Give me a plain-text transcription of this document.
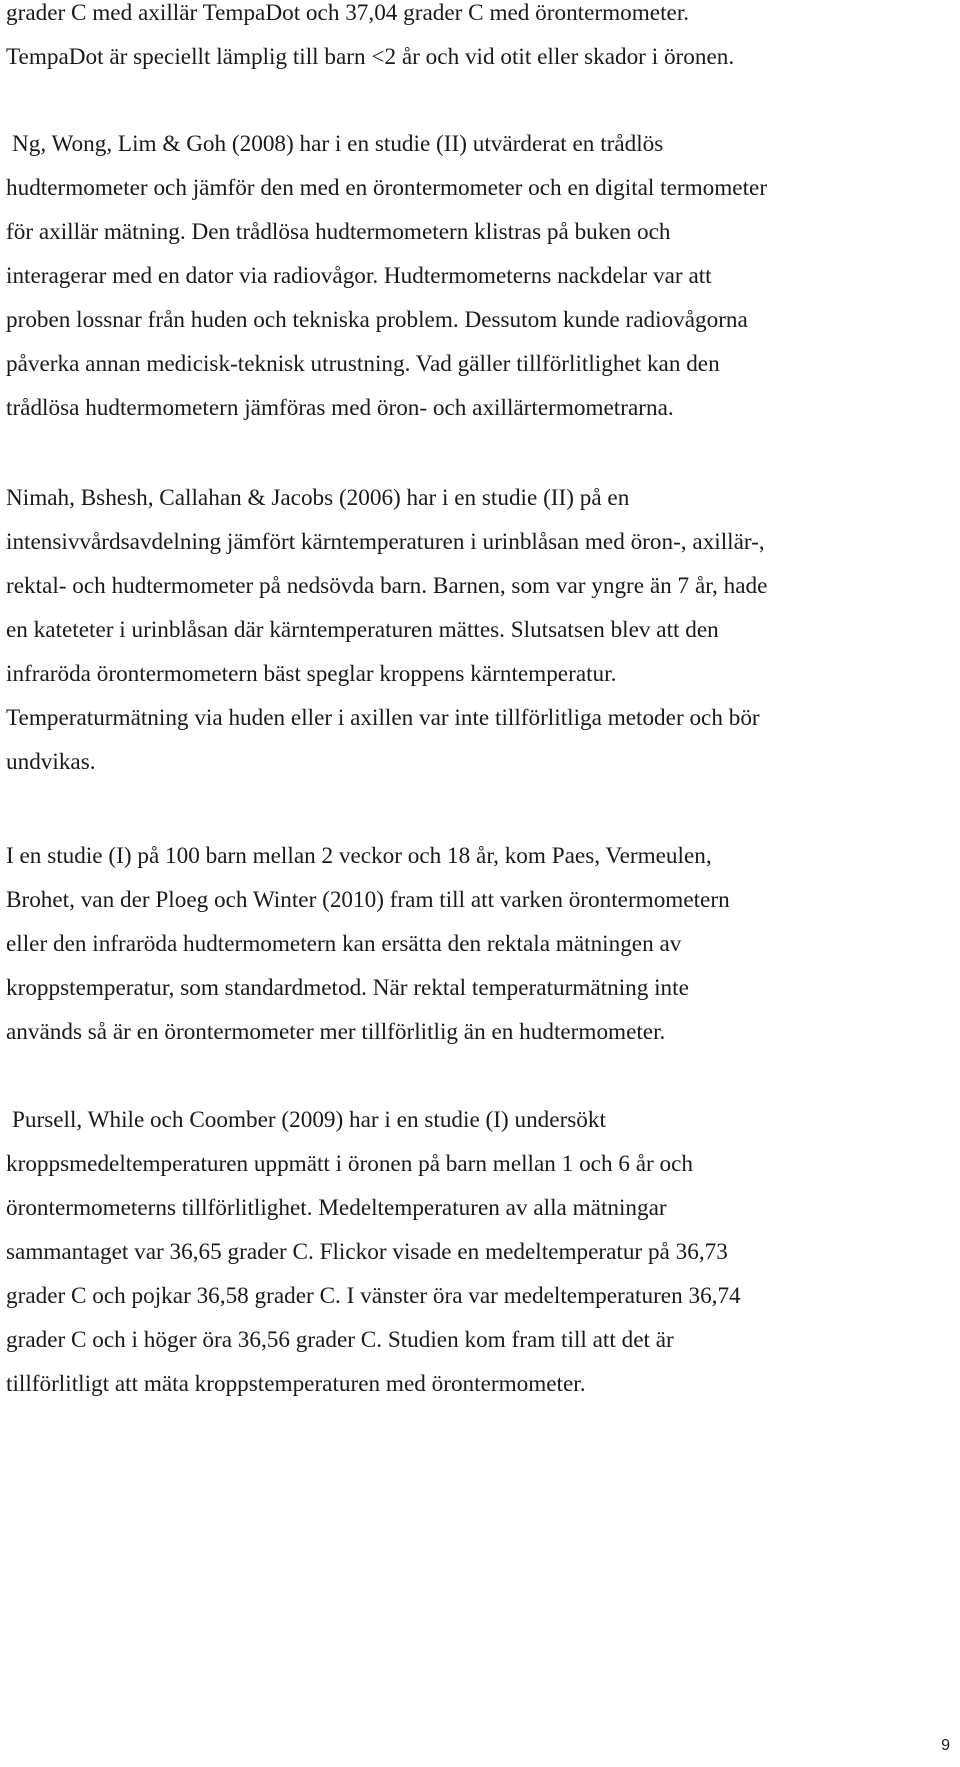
grader C med axillär TempaDot och 37,04 grader C med örontermometer.
TempaDot är speciellt lämplig till barn <2 år och vid otit eller skador i öronen.
Ng, Wong, Lim & Goh (2008) har i en studie (II) utvärderat en trådlös
hudtermometer och jämför den med en örontermometer och en digital termometer
för axillär mätning. Den trådlösa hudtermometern klistras på buken och
interagerar med en dator via radiovågor. Hudtermometerns nackdelar var att
proben lossnar från huden och tekniska problem. Dessutom kunde radiovågorna
påverka annan medicisk-teknisk utrustning. Vad gäller tillförlitlighet kan den
trådlösa hudtermometern jämföras med öron- och axillärtermometrarna.
Nimah, Bshesh, Callahan & Jacobs (2006) har i en studie (II) på en
intensivvårdsavdelning jämfört kärntemperaturen i urinblåsan med öron-, axillär-,
rektal- och hudtermometer på nedsövda barn. Barnen, som var yngre än 7 år, hade
en kateteter i urinblåsan där kärntemperaturen mättes. Slutsatsen blev att den
infraröda örontermometern bäst speglar kroppens kärntemperatur.
Temperaturmätning via huden eller i axillen var inte tillförlitliga metoder och bör
undvikas.
I en studie (I) på 100 barn mellan 2 veckor och 18 år, kom Paes, Vermeulen,
Brohet, van der Ploeg och Winter (2010) fram till att varken örontermometern
eller den infraröda hudtermometern kan ersätta den rektala mätningen av
kroppstemperatur, som standardmetod. När rektal temperaturmätning inte
används så är en örontermometer mer tillförlitlig än en hudtermometer.
Pursell, While och Coomber (2009) har i en studie (I) undersökt
kroppsmedeltemperaturen uppmätt i öronen på barn mellan 1 och 6 år och
örontermometerns tillförlitlighet. Medeltemperaturen av alla mätningar
sammantaget var 36,65 grader C. Flickor visade en medeltemperatur på 36,73
grader C och pojkar 36,58 grader C. I vänster öra var medeltemperaturen 36,74
grader C och i höger öra 36,56 grader C. Studien kom fram till att det är
tillförlitligt att mäta kroppstemperaturen med örontermometer.
9
